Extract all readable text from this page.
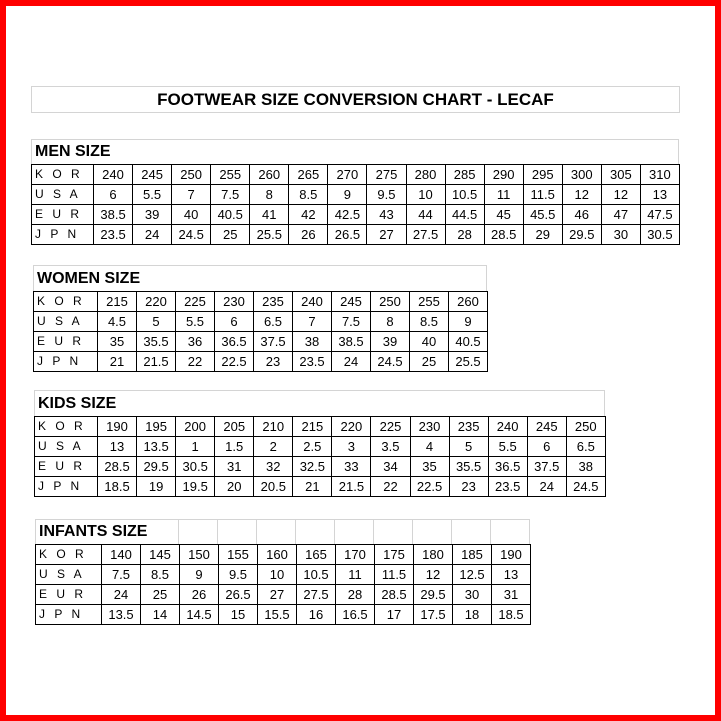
FOOTWEAR SIZE CONVERSION CHART - LECAF
MEN SIZE
K O R	240	245	250	255	260	265	270	275	280	285	290	295	300	305	310
U S A	6	5.5	7	7.5	8	8.5	9	9.5	10	10.5	11	11.5	12	12	13
E U R	38.5	39	40	40.5	41	42	42.5	43	44	44.5	45	45.5	46	47	47.5
J P N	23.5	24	24.5	25	25.5	26	26.5	27	27.5	28	28.5	29	29.5	30	30.5
WOMEN SIZE
K O R	215	220	225	230	235	240	245	250	255	260
U S A	4.5	5	5.5	6	6.5	7	7.5	8	8.5	9
E U R	35	35.5	36	36.5	37.5	38	38.5	39	40	40.5
J P N	21	21.5	22	22.5	23	23.5	24	24.5	25	25.5
KIDS SIZE
K O R	190	195	200	205	210	215	220	225	230	235	240	245	250
U S A	13	13.5	1	1.5	2	2.5	3	3.5	4	5	5.5	6	6.5
E U R	28.5	29.5	30.5	31	32	32.5	33	34	35	35.5	36.5	37.5	38
J P N	18.5	19	19.5	20	20.5	21	21.5	22	22.5	23	23.5	24	24.5
INFANTS SIZE
K O R	140	145	150	155	160	165	170	175	180	185	190
U S A	7.5	8.5	9	9.5	10	10.5	11	11.5	12	12.5	13
E U R	24	25	26	26.5	27	27.5	28	28.5	29.5	30	31
J P N	13.5	14	14.5	15	15.5	16	16.5	17	17.5	18	18.5
